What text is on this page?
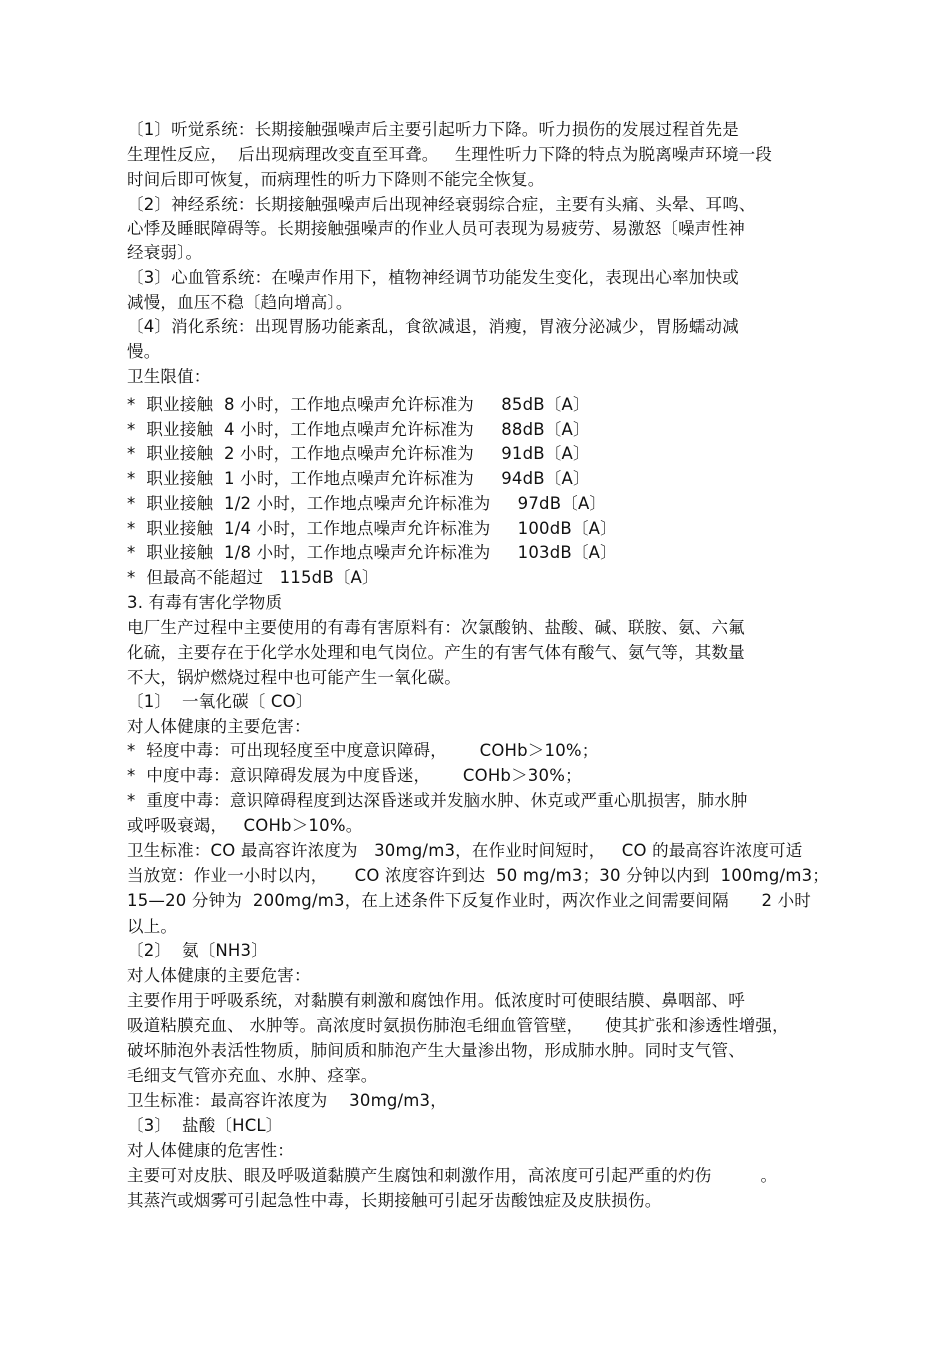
〔1〕听觉系统：长期接触强噪声后主要引起听力下降。听力损伤的发展过程首先是
生理性反应，  后出现病理改变直至耳聋。   生理性听力下降的特点为脱离噪声环境一段
时间后即可恢复，而病理性的听力下降则不能完全恢复。
〔2〕神经系统：长期接触强噪声后出现神经衰弱综合症，主要有头痛、头晕、耳鸣、
心悸及睡眠障碍等。长期接触强噪声的作业人员可表现为易疲劳、易激怒〔噪声性神
经衰弱〕。
〔3〕心血管系统：在噪声作用下，植物神经调节功能发生变化，表现出心率加快或
减慢，血压不稳〔趋向增高〕。
〔4〕消化系统：出现胃肠功能紊乱，食欲减退，消瘦，胃液分泌减少，胃肠蠕动减
慢。
卫生限值：
*  职业接触  8 小时，工作地点噪声允许标准为     85dB〔A〕
*  职业接触  4 小时，工作地点噪声允许标准为     88dB〔A〕
*  职业接触  2 小时，工作地点噪声允许标准为     91dB〔A〕
*  职业接触  1 小时，工作地点噪声允许标准为     94dB〔A〕
*  职业接触  1/2 小时，工作地点噪声允许标准为     97dB〔A〕
*  职业接触  1/4 小时，工作地点噪声允许标准为     100dB〔A〕
*  职业接触  1/8 小时，工作地点噪声允许标准为     103dB〔A〕
*  但最高不能超过   115dB〔A〕
3. 有毒有害化学物质
电厂生产过程中主要使用的有毒有害原料有：次氯酸钠、盐酸、碱、联胺、氨、六氟
化硫，主要存在于化学水处理和电气岗位。产生的有害气体有酸气、氨气等，其数量
不大，锅炉燃烧过程中也可能产生一氧化碳。
〔1〕  一氧化碳〔 CO〕
对人体健康的主要危害：
*  轻度中毒：可出现轻度至中度意识障碍，      COHb＞10%；
*  中度中毒：意识障碍发展为中度昏迷，      COHb＞30%；
*  重度中毒：意识障碍程度到达深昏迷或并发脑水肿、休克或严重心肌损害，肺水肿
或呼吸衰竭，   COHb＞10%。
卫生标准：CO 最高容许浓度为   30mg/m3，在作业时间短时，   CO 的最高容许浓度可适
当放宽：作业一小时以内，     CO 浓度容许到达  50 mg/m3；30 分钟以内到  100mg/m3；
15—20 分钟为  200mg/m3，在上述条件下反复作业时，两次作业之间需要间隔      2 小时
以上。
〔2〕  氨〔NH3〕
对人体健康的主要危害：
主要作用于呼吸系统，对黏膜有刺激和腐蚀作用。低浓度时可使眼结膜、鼻咽部、呼
吸道粘膜充血、 水肿等。高浓度时氨损伤肺泡毛细血管管壁，    使其扩张和渗透性增强，
破坏肺泡外表活性物质，肺间质和肺泡产生大量渗出物，形成肺水肿。同时支气管、
毛细支气管亦充血、水肿、痉挛。
卫生标准：最高容许浓度为    30mg/m3，
〔3〕  盐酸〔HCL〕
对人体健康的危害性：
主要可对皮肤、眼及呼吸道黏膜产生腐蚀和刺激作用，高浓度可引起严重的灼伤         。
其蒸汽或烟雾可引起急性中毒，长期接触可引起牙齿酸蚀症及皮肤损伤。
